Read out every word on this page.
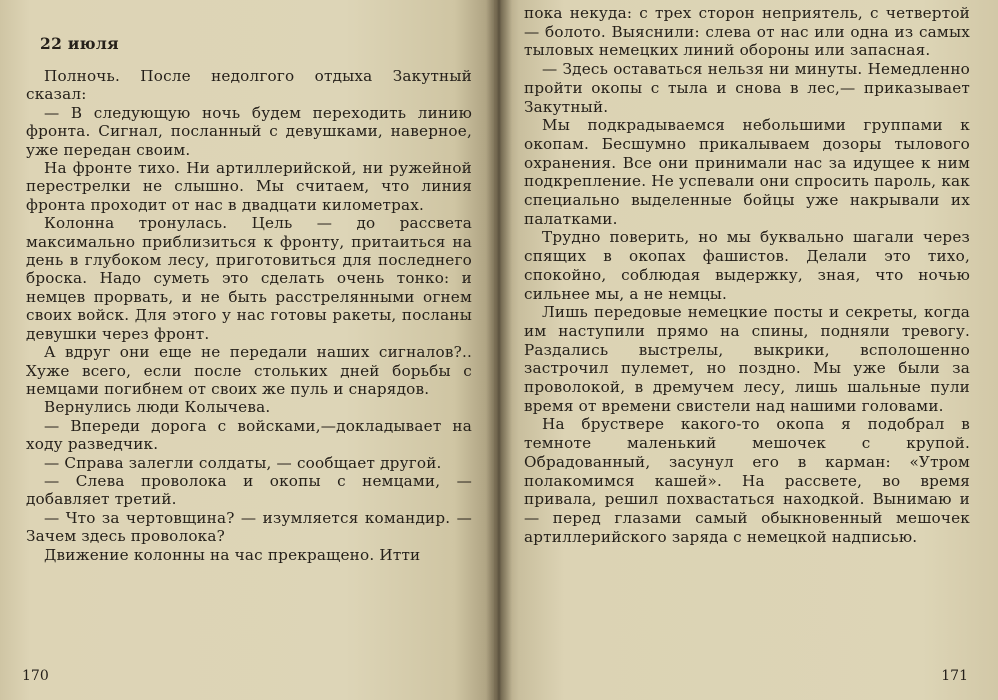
22 июля

Полночь. После недолгого отдыха Закутный сказал:

— В следующую ночь будем переходить линию фронта. Сигнал, посланный с девушками, наверное, уже передан своим.

На фронте тихо. Ни артиллерийской, ни ружейной перестрелки не слышно. Мы считаем, что линия фронта проходит от нас в двадцати километрах.

Колонна тронулась. Цель — до рассвета максимально приблизиться к фронту, притаиться на день в глубоком лесу, приготовиться для последнего броска. Надо суметь это сделать очень тонко: и немцев прорвать, и не быть расстрелянными огнем своих войск. Для этого у нас готовы ракеты, посланы девушки через фронт.

А вдруг они еще не передали наших сигналов?.. Хуже всего, если после стольких дней борьбы с немцами погибнем от своих же пуль и снарядов.

Вернулись люди Колычева.

— Впереди дорога с войсками,—докладывает на ходу разведчик.

— Справа залегли солдаты, — сообщает другой.

— Слева проволока и окопы с немцами, — добавляет третий.

— Что за чертовщина? — изумляется командир. — Зачем здесь проволока?

Движение колонны на час прекращено. Итти

170

пока некуда: с трех сторон неприятель, с четвертой — болото. Выяснили: слева от нас или одна из самых тыловых немецких линий обороны или запасная.

— Здесь оставаться нельзя ни минуты. Немедленно пройти окопы с тыла и снова в лес,— приказывает Закутный.

Мы подкрадываемся небольшими группами к окопам. Бесшумно прикалываем дозоры тылового охранения. Все они принимали нас за идущее к ним подкрепление. Не успевали они спросить пароль, как специально выделенные бойцы уже накрывали их палатками.

Трудно поверить, но мы буквально шагали через спящих в окопах фашистов. Делали это тихо, спокойно, соблюдая выдержку, зная, что ночью сильнее мы, а не немцы.

Лишь передовые немецкие посты и секреты, когда им наступили прямо на спины, подняли тревогу. Раздались выстрелы, выкрики, всполошенно застрочил пулемет, но поздно. Мы уже были за проволокой, в дремучем лесу, лишь шальные пули время от времени свистели над нашими головами.

На бруствере какого-то окопа я подобрал в темноте маленький мешочек с крупой. Обрадованный, засунул его в карман: «Утром полакомимся кашей». На рассвете, во время привала, решил похвастаться находкой. Вынимаю и — перед глазами самый обыкновенный мешочек артиллерийского заряда с немецкой надписью.

171
